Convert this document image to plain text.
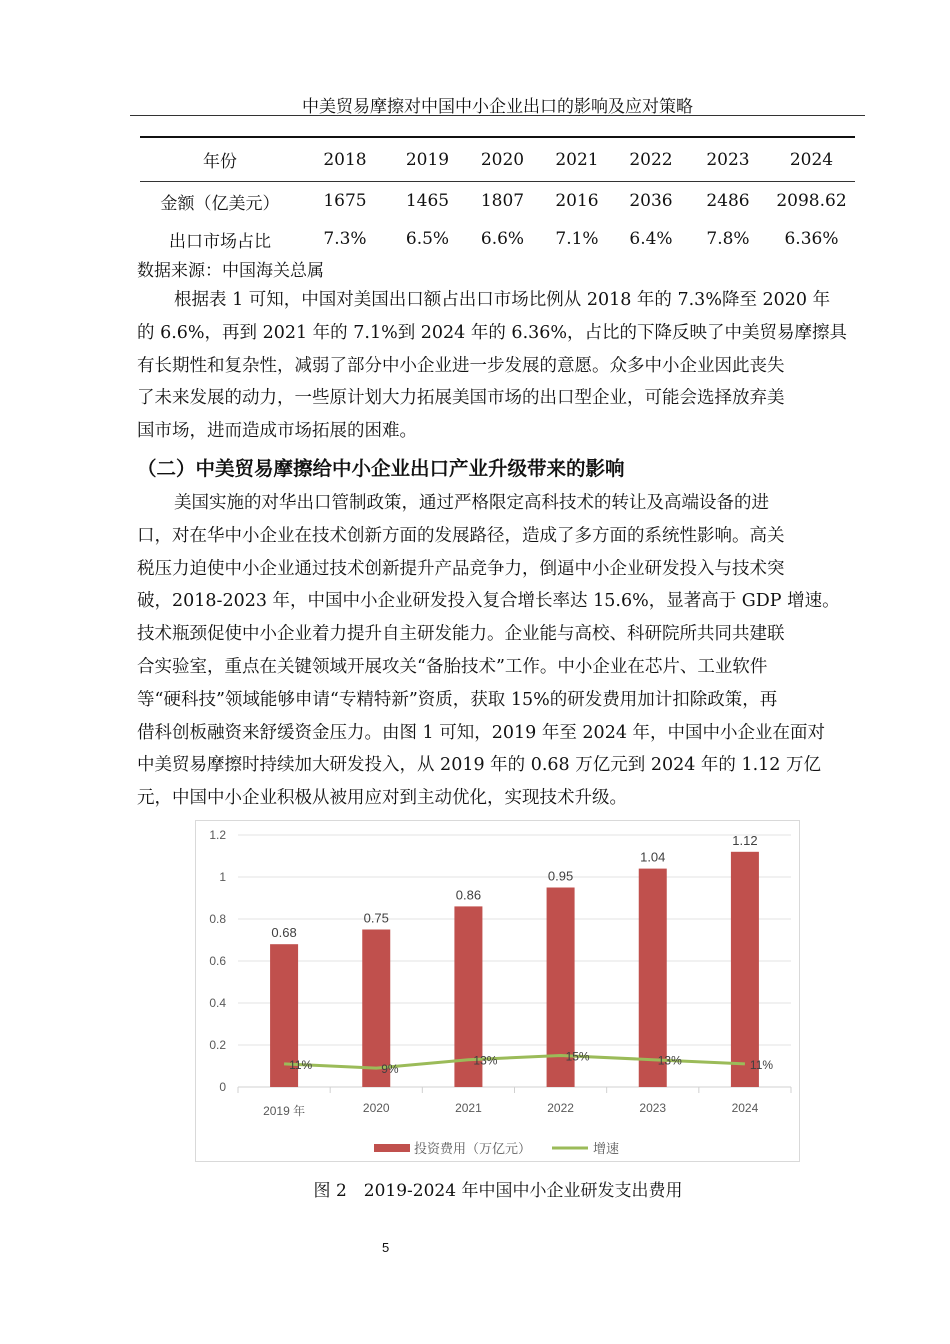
中美贸易摩擦对中国中小企业出口的影响及应对策略
年份	2018	2019	2020	2021	2022	2023	2024
金额（亿美元）	1675	1465	1807	2016	2036	2486	2098.62
出口市场占比	7.3%	6.5%	6.6%	7.1%	6.4%	7.8%	6.36%
数据来源：中国海关总属
根据表 1 可知，中国对美国出口额占出口市场比例从 2018 年的 7.3%降至 2020 年
的 6.6%，再到 2021 年的 7.1%到 2024 年的 6.36%，占比的下降反映了中美贸易摩擦具
有长期性和复杂性，减弱了部分中小企业进一步发展的意愿。众多中小企业因此丧失
了未来发展的动力，一些原计划大力拓展美国市场的出口型企业，可能会选择放弃美
国市场，进而造成市场拓展的困难。
（二）中美贸易摩擦给中小企业出口产业升级带来的影响
美国实施的对华出口管制政策，通过严格限定高科技术的转让及高端设备的进
口，对在华中小企业在技术创新方面的发展路径，造成了多方面的系统性影响。高关
税压力迫使中小企业通过技术创新提升产品竞争力，倒逼中小企业研发投入与技术突
破，2018-2023 年，中国中小企业研发投入复合增长率达 15.6%，显著高于 GDP 增速。
技术瓶颈促使中小企业着力提升自主研发能力。企业能与高校、科研院所共同共建联
合实验室，重点在关键领域开展攻关“备胎技术”工作。中小企业在芯片、工业软件
等“硬科技”领域能够申请“专精特新”资质，获取 15%的研发费用加计扣除政策，再
借科创板融资来舒缓资金压力。由图 1 可知，2019 年至 2024 年，中国中小企业在面对
中美贸易摩擦时持续加大研发投入，从 2019 年的 0.68 万亿元到 2024 年的 1.12 万亿
元，中国中小企业积极从被用应对到主动优化，实现技术升级。
0
0.2
0.4
0.6
0.8
1
1.2
0.68
2019 年
0.75
2020
0.86
2021
0.95
2022
1.04
2023
1.12
2024
11%	9%
13%	15%	13%	11%
投资费用（万亿元）	增速
图 2　2019-2024 年中国中小企业研发支出费用
5
